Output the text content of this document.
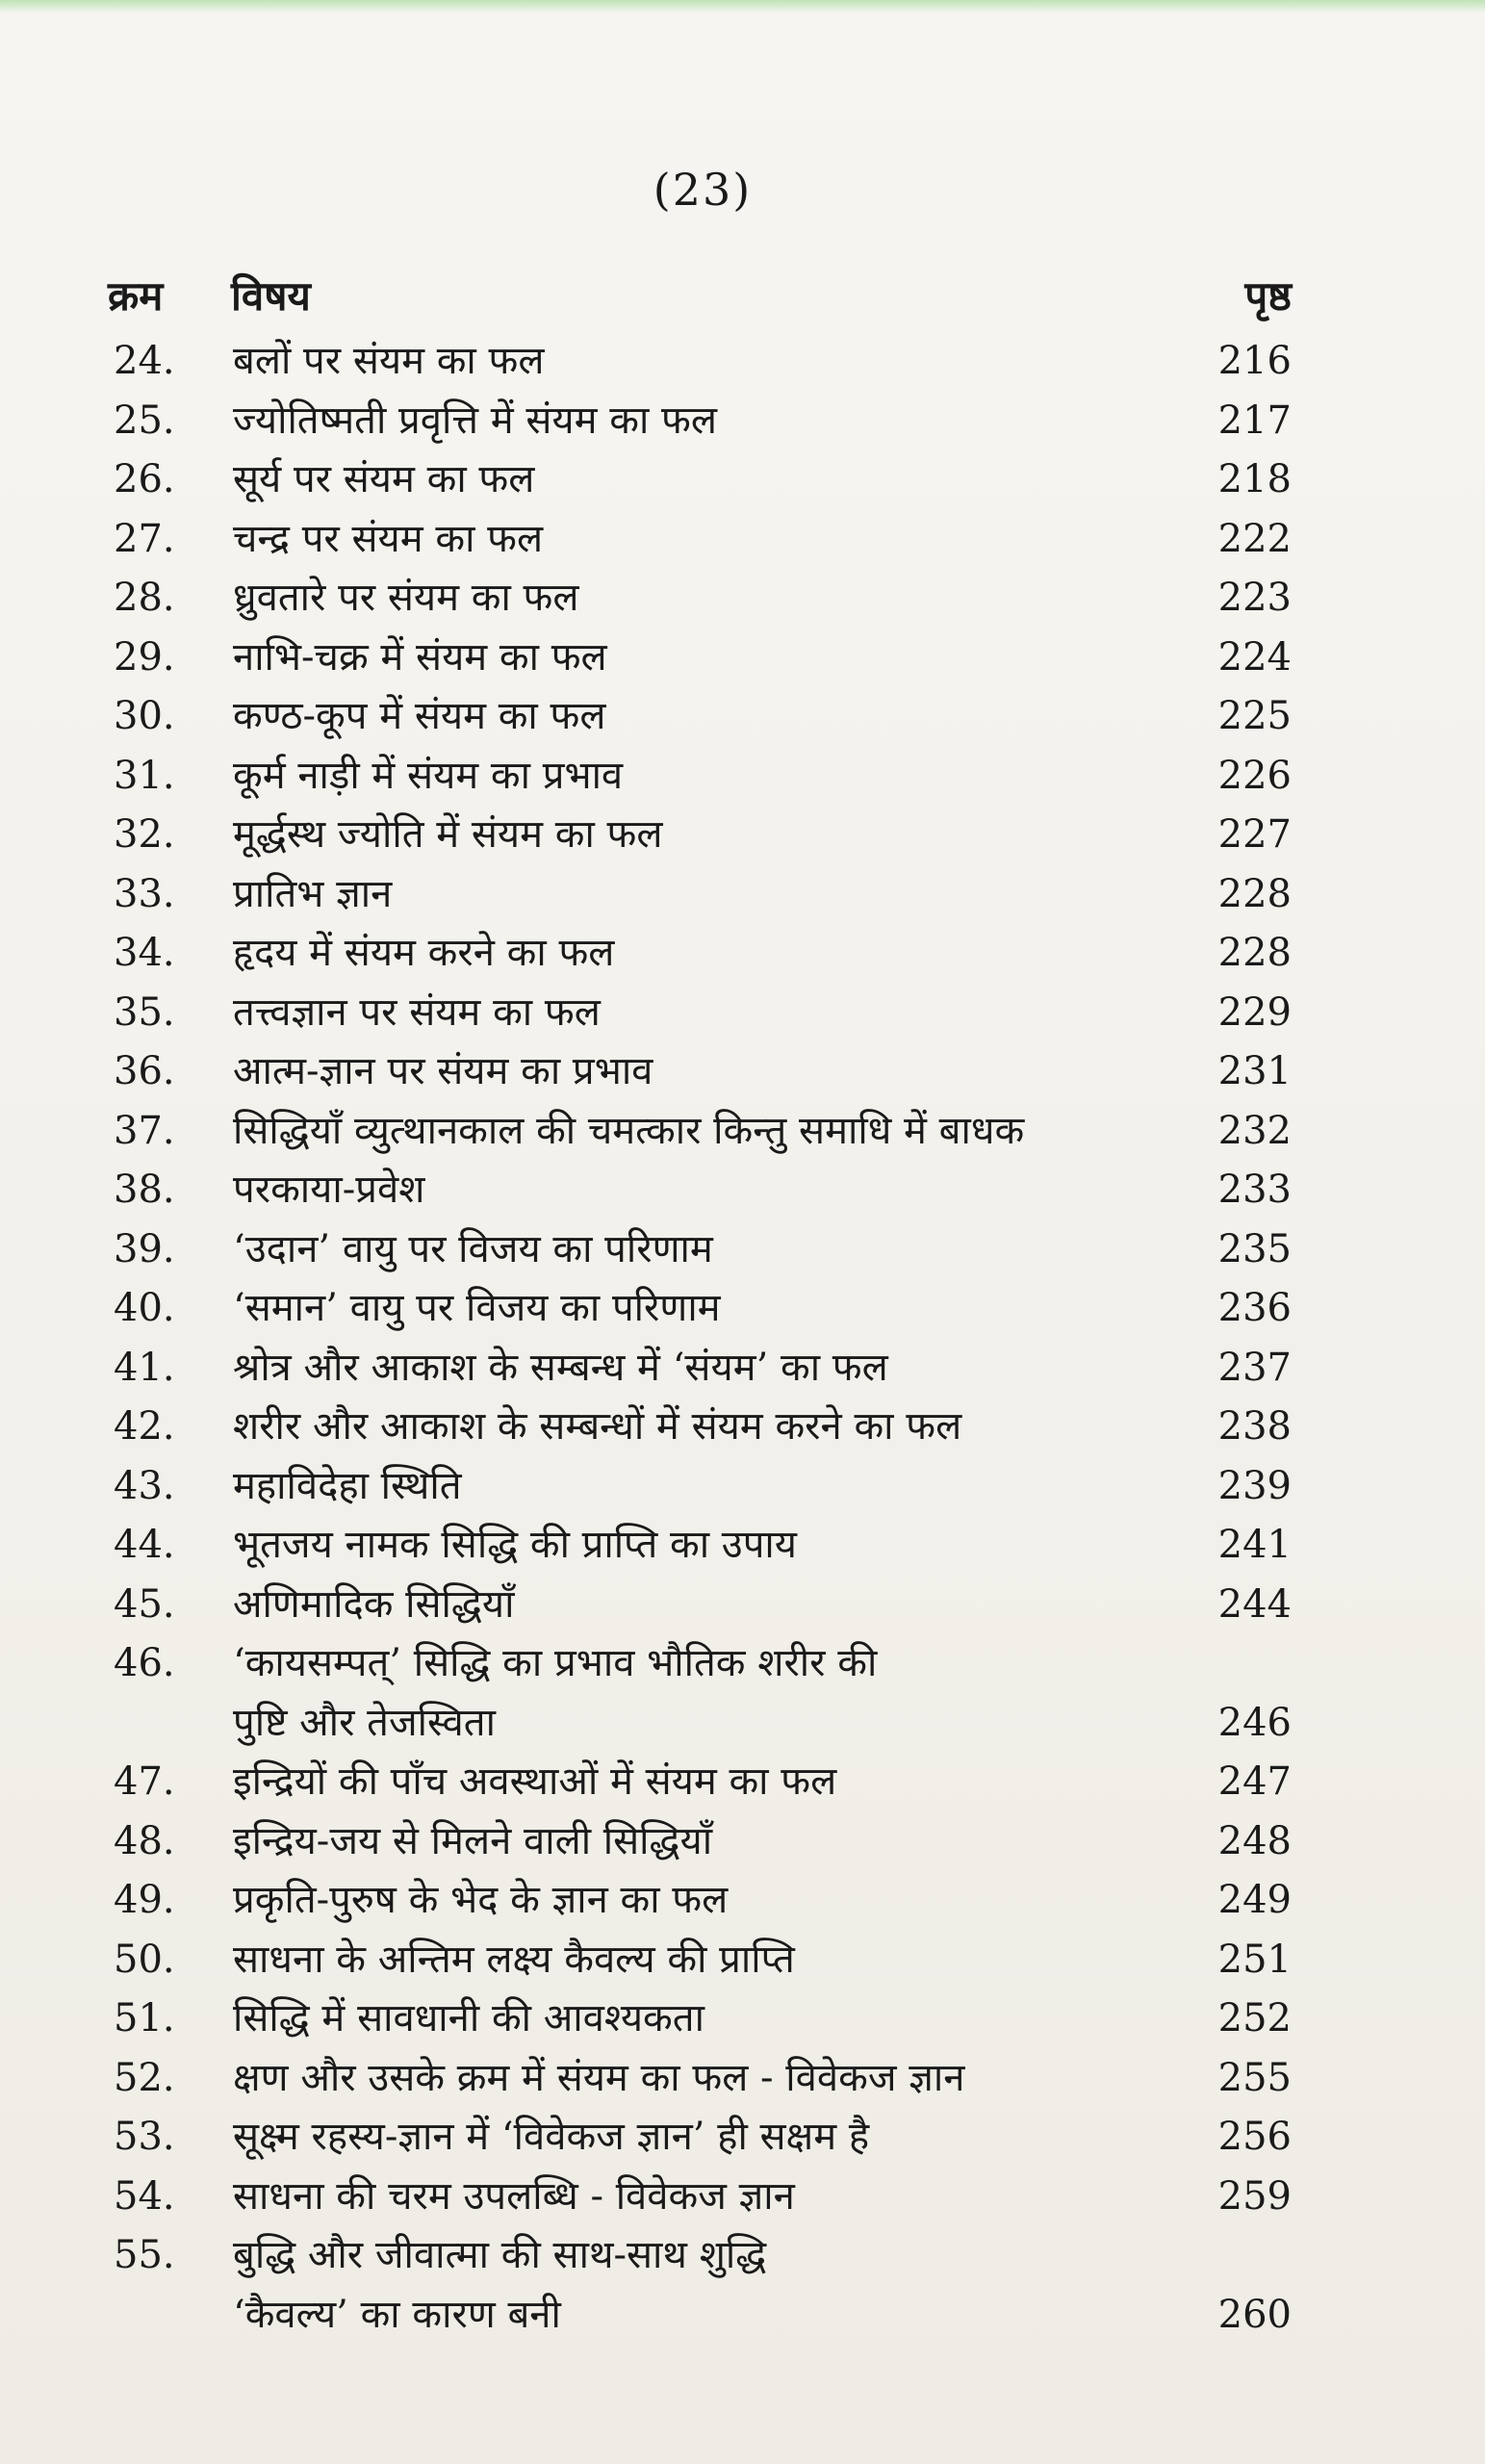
(23)
क्रम विषय	पृष्ठ
24. बलों पर संयम का फल	216
25. ज्योतिष्मती प्रवृत्ति में संयम का फल	217
26. सूर्य पर संयम का फल	218
27. चन्द्र पर संयम का फल	222
28. ध्रुवतारे पर संयम का फल	223
29. नाभि-चक्र में संयम का फल	224
30. कण्ठ-कूप में संयम का फल	225
31. कूर्म नाड़ी में संयम का प्रभाव	226
32. मूर्द्धस्थ ज्योति में संयम का फल	227
33. प्रातिभ ज्ञान	228
34. हृदय में संयम करने का फल	228
35. तत्त्वज्ञान पर संयम का फल	229
36. आत्म-ज्ञान पर संयम का प्रभाव	231
37. सिद्धियाँ व्युत्थानकाल की चमत्कार किन्तु समाधि में बाधक	232
38. परकाया-प्रवेश	233
39. ‘उदान’ वायु पर विजय का परिणाम	235
40. ‘समान’ वायु पर विजय का परिणाम	236
41. श्रोत्र और आकाश के सम्बन्ध में ‘संयम’ का फल	237
42. शरीर और आकाश के सम्बन्धों में संयम करने का फल	238
43. महाविदेहा स्थिति	239
44. भूतजय नामक सिद्धि की प्राप्ति का उपाय	241
45. अणिमादिक सिद्धियाँ	244
46. ‘कायसम्पत्’ सिद्धि का प्रभाव भौतिक शरीर की
पुष्टि और तेजस्विता	246
47. इन्द्रियों की पाँच अवस्थाओं में संयम का फल	247
48. इन्द्रिय-जय से मिलने वाली सिद्धियाँ	248
49. प्रकृति-पुरुष के भेद के ज्ञान का फल	249
50. साधना के अन्तिम लक्ष्य कैवल्य की प्राप्ति	251
51. सिद्धि में सावधानी की आवश्यकता	252
52. क्षण और उसके क्रम में संयम का फल - विवेकज ज्ञान	255
53. सूक्ष्म रहस्य-ज्ञान में ‘विवेकज ज्ञान’ ही सक्षम है	256
54. साधना की चरम उपलब्धि - विवेकज ज्ञान	259
55. बुद्धि और जीवात्मा की साथ-साथ शुद्धि
‘कैवल्य’ का कारण बनी	260
